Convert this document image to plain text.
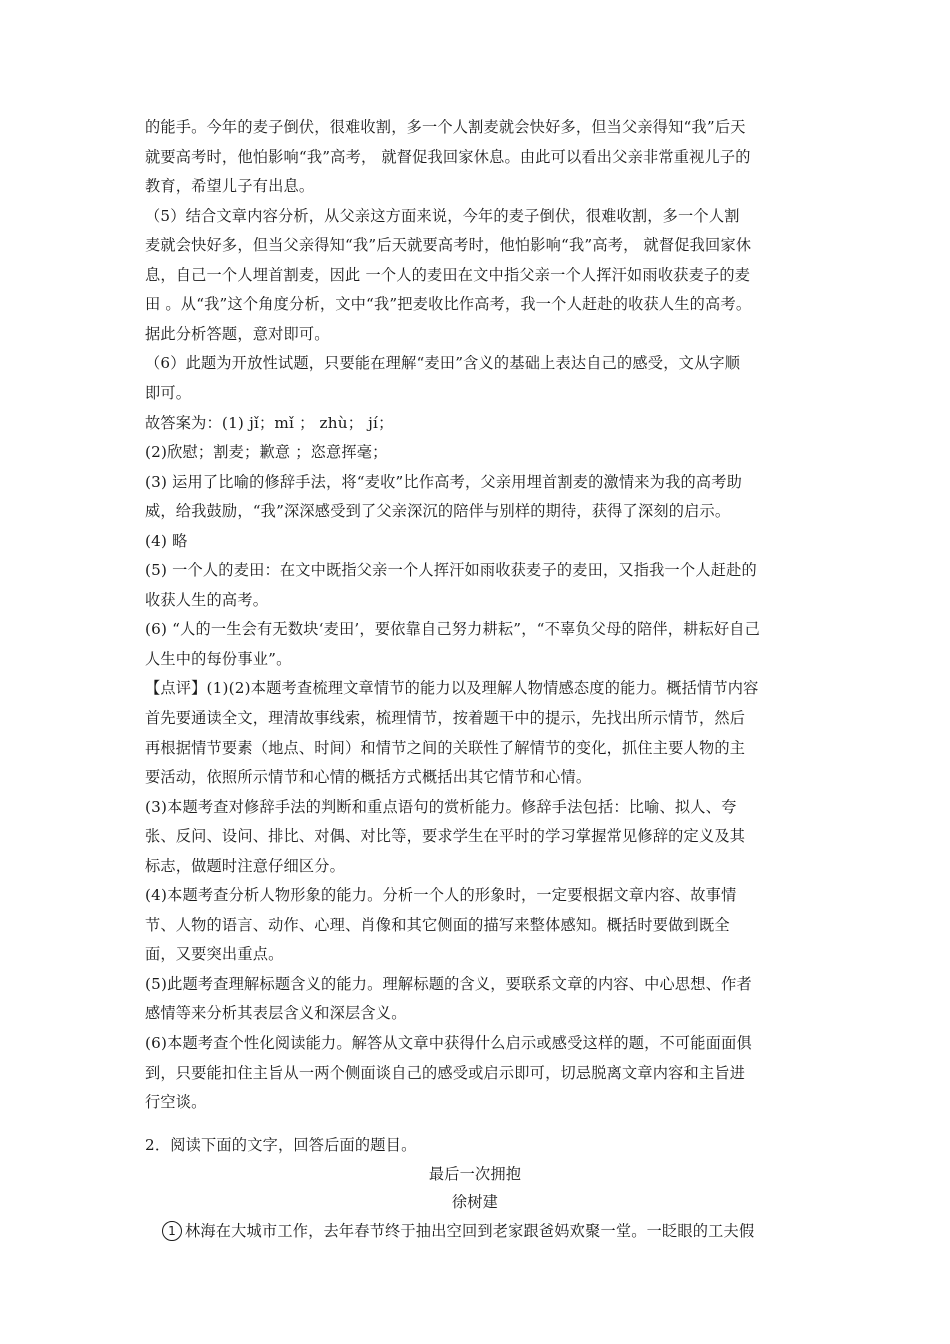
的能手。今年的麦子倒伏，很难收割，多一个人割麦就会快好多，但当父亲得知“我”后天
就要高考时，他怕影响“我”高考， 就督促我回家休息。由此可以看出父亲非常重视儿子的
教育，希望儿子有出息。
（5）结合文章内容分析，从父亲这方面来说，今年的麦子倒伏，很难收割，多一个人割
麦就会快好多，但当父亲得知“我”后天就要高考时，他怕影响“我”高考， 就督促我回家休
息，自己一个人埋首割麦，因此 一个人的麦田在文中指父亲一个人挥汗如雨收获麦子的麦
田 。从“我”这个角度分析，文中“我”把麦收比作高考，我一个人赶赴的收获人生的高考。
据此分析答题，意对即可。
（6）此题为开放性试题，只要能在理解“麦田”含义的基础上表达自己的感受，文从字顺
即可。
故答案为：(1) jǐ；mǐ ； zhù； jí；
(2)欣慰；割麦；歉意 ；恣意挥毫；
(3) 运用了比喻的修辞手法，将“麦收”比作高考，父亲用埋首割麦的激情来为我的高考助
威，给我鼓励，“我”深深感受到了父亲深沉的陪伴与别样的期待，获得了深刻的启示。
(4) 略
(5) 一个人的麦田：在文中既指父亲一个人挥汗如雨收获麦子的麦田，又指我一个人赶赴的
收获人生的高考。
(6) “人的一生会有无数块‘麦田’，要依靠自己努力耕耘”，“不辜负父母的陪伴，耕耘好自己
人生中的每份事业”。
【点评】(1)(2)本题考查梳理文章情节的能力以及理解人物情感态度的能力。概括情节内容
首先要通读全文，理清故事线索，梳理情节，按着题干中的提示，先找出所示情节，然后
再根据情节要素（地点、时间）和情节之间的关联性了解情节的变化，抓住主要人物的主
要活动，依照所示情节和心情的概括方式概括出其它情节和心情。
(3)本题考查对修辞手法的判断和重点语句的赏析能力。修辞手法包括：比喻、拟人、夸
张、反问、设问、排比、对偶、对比等，要求学生在平时的学习掌握常见修辞的定义及其
标志，做题时注意仔细区分。
(4)本题考查分析人物形象的能力。分析一个人的形象时，一定要根据文章内容、故事情
节、人物的语言、动作、心理、肖像和其它侧面的描写来整体感知。概括时要做到既全
面，又要突出重点。
(5)此题考查理解标题含义的能力。理解标题的含义，要联系文章的内容、中心思想、作者
感情等来分析其表层含义和深层含义。
(6)本题考查个性化阅读能力。解答从文章中获得什么启示或感受这样的题，不可能面面俱
到，只要能扣住主旨从一两个侧面谈自己的感受或启示即可，切忌脱离文章内容和主旨进
行空谈。
2．阅读下面的文字，回答后面的题目。
最后一次拥抱
徐树建
1 林海在大城市工作，去年春节终于抽出空回到老家跟爸妈欢聚一堂。一眨眼的工夫假
